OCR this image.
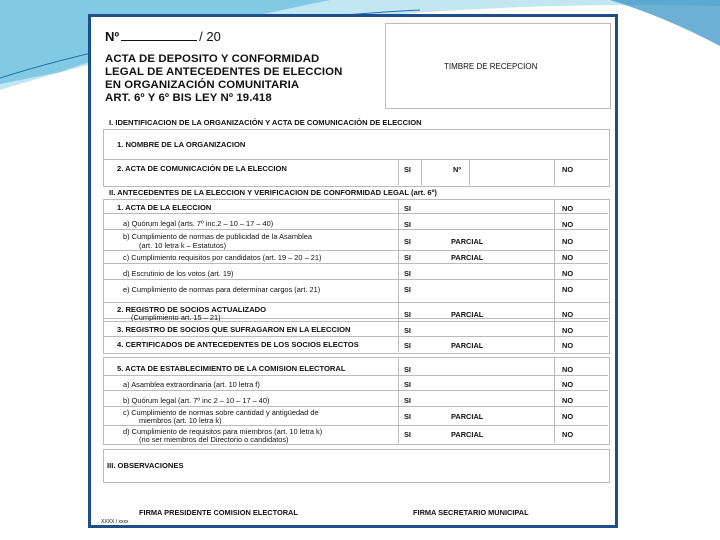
Nº	/ 20
ACTA DE DEPOSITO Y CONFORMIDAD
LEGAL DE ANTECEDENTES DE ELECCION
EN ORGANIZACIÓN COMUNITARIA
ART. 6º Y 6º BIS LEY Nº 19.418
TIMBRE DE RECEPCION
I. IDENTIFICACION DE LA ORGANIZACIÓN Y ACTA DE COMUNICACIÓN DE ELECCION
1. NOMBRE DE LA ORGANIZACION
2. ACTA DE COMUNICACIÓN DE LA ELECCION	SI	Nº	NO
II. ANTECEDENTES DE LA ELECCION Y VERIFICACION DE CONFORMIDAD LEGAL (art. 6º)
1. ACTA DE LA ELECCION	SI	NO
a) Quórum legal (arts. 7º inc.2 – 10 – 17 – 40)	SI	NO
b) Cumplimiento de normas de publicidad de la Asamblea
(art. 10 letra k – Estatutos)	SI	PARCIAL	NO
c) Cumplimiento requisitos por candidatos (art. 19 – 20 – 21)	SI	PARCIAL	NO
d) Escrutinio de los votos (art. 19)	SI	NO
e) Cumplimiento de normas para determinar cargos (art. 21)	SI	NO
2. REGISTRO DE SOCIOS ACTUALIZADO
(Cumplimiento art. 15 – 21)	SI	PARCIAL	NO
3. REGISTRO DE SOCIOS QUE SUFRAGARON EN LA ELECCION	SI	NO
4. CERTIFICADOS DE ANTECEDENTES DE LOS SOCIOS ELECTOS	SI	PARCIAL	NO
5. ACTA DE ESTABLECIMIENTO DE LA COMISION ELECTORAL	SI	NO
a) Asamblea extraordinaria (art. 10 letra f)	SI	NO
b) Quórum legal (art. 7º inc 2 – 10 – 17 – 40)	SI	NO
c) Cumplimiento de normas sobre cantidad y antigüedad de
miembros (art. 10 letra k)	SI	PARCIAL	NO
d) Cumplimiento de requisitos para miembros (art. 10 letra k)
(no ser miembros del Directorio o candidatos)
SI	PARCIAL	NO
III. OBSERVACIONES
FIRMA PRESIDENTE COMISION ELECTORAL	FIRMA SECRETARIO MUNICIPAL
XXXX / xxxx
